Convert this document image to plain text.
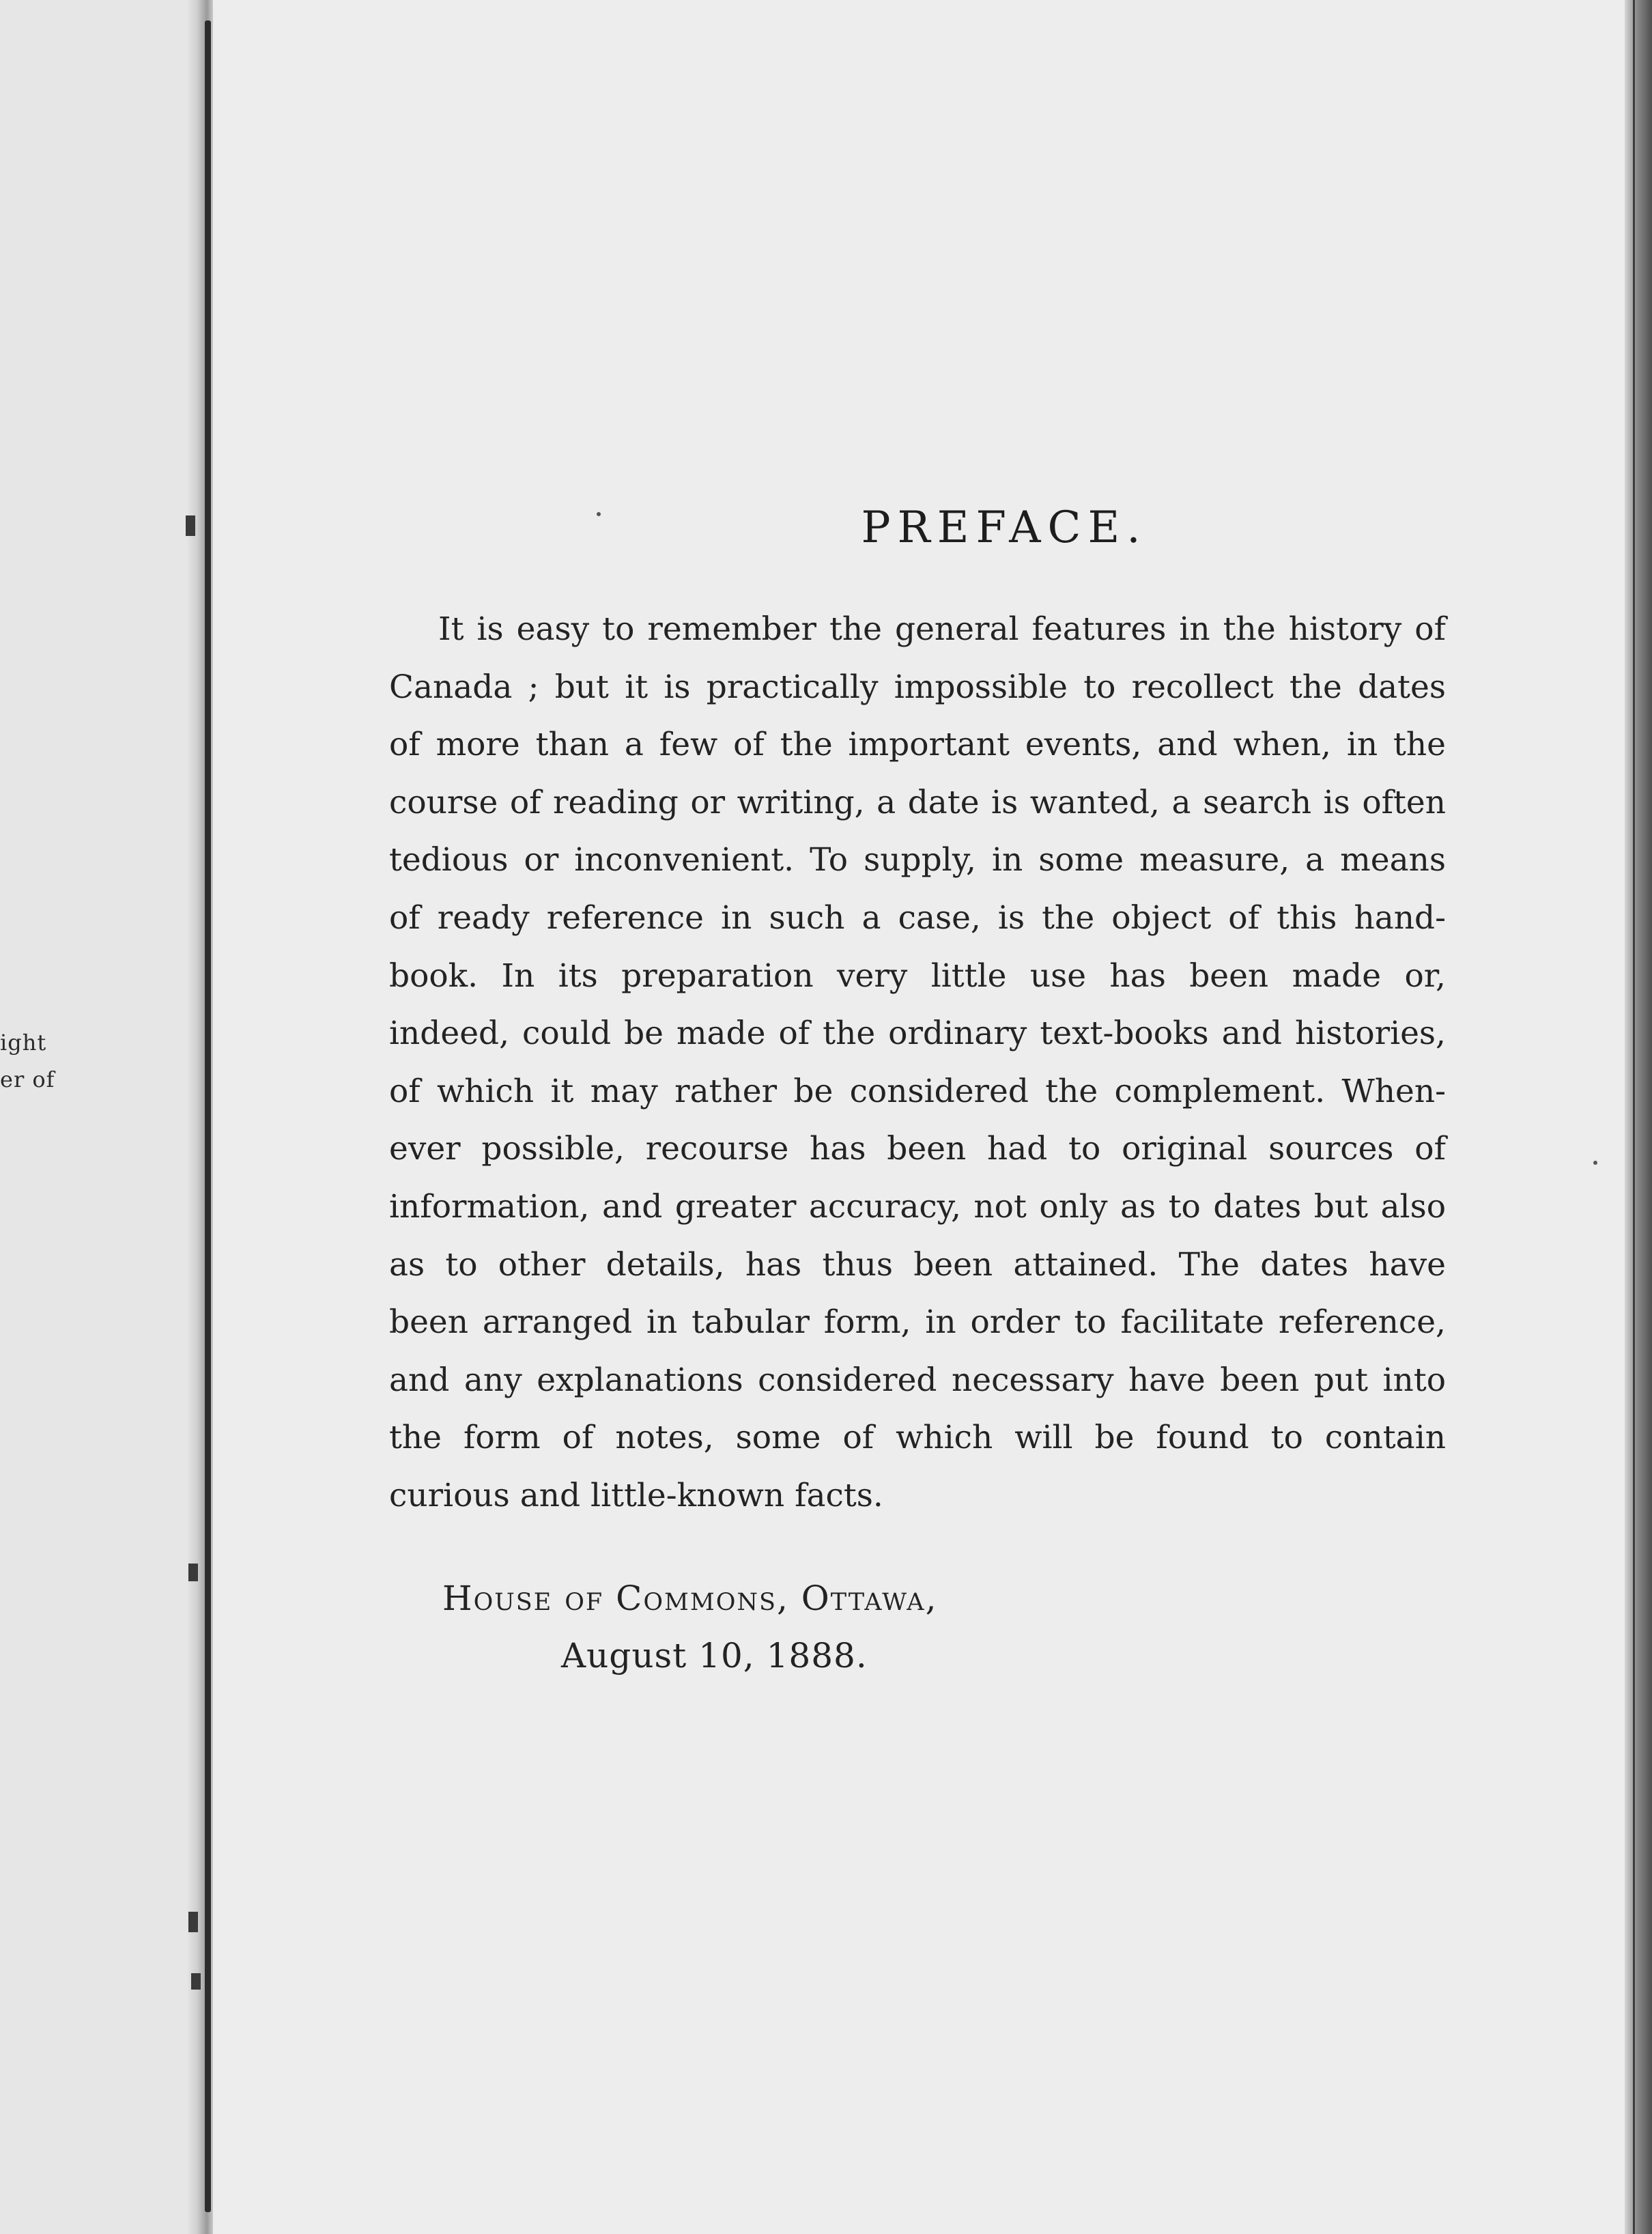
ight
er of
PREFACE.
It is easy to remember the general features in the history of
Canada ; but it is practically impossible to recollect the dates
of more than a few of the important events, and when, in the
course of reading or writing, a date is wanted, a search is often
tedious or inconvenient. To supply, in some measure, a means
of ready reference in such a case, is the object of this hand-
book. In its preparation very little use has been made or,
indeed, could be made of the ordinary text-books and histories,
of which it may rather be considered the complement. When-
ever possible, recourse has been had to original sources of
information, and greater accuracy, not only as to dates but also
as to other details, has thus been attained. The dates have
been arranged in tabular form, in order to facilitate reference,
and any explanations considered necessary have been put into
the form of notes, some of which will be found to contain
curious and little-known facts.
House of Commons, Ottawa,
August 10, 1888.
